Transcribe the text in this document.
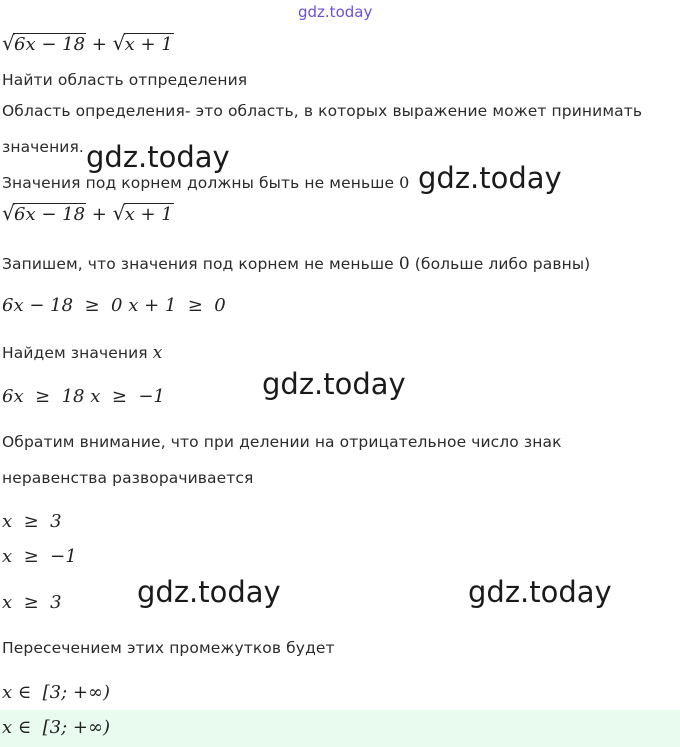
gdz.today
gdz.today
gdz.today
gdz.today
gdz.today	gdz.today
√ 6x − 18 + √ x + 1
Найти область отпределения
Область определения- это область, в которых выражение может принимать
значения.
Значения под корнем должны быть не меньше 0
√ 6x − 18 + √ x + 1
Запишем, что значения под корнем не меньше 0 (больше либо равны)
6x − 18  ≥  0 x + 1  ≥  0
Найдем значения x
6x  ≥  18 x  ≥  −1
Обратим внимание, что при делении на отрицательное число знак
неравенства разворачивается
x  ≥  3
x  ≥  −1
x  ≥  3
Пересечением этих промежутков будет
x ∈  [3; +∞)
x ∈  [3; +∞)
